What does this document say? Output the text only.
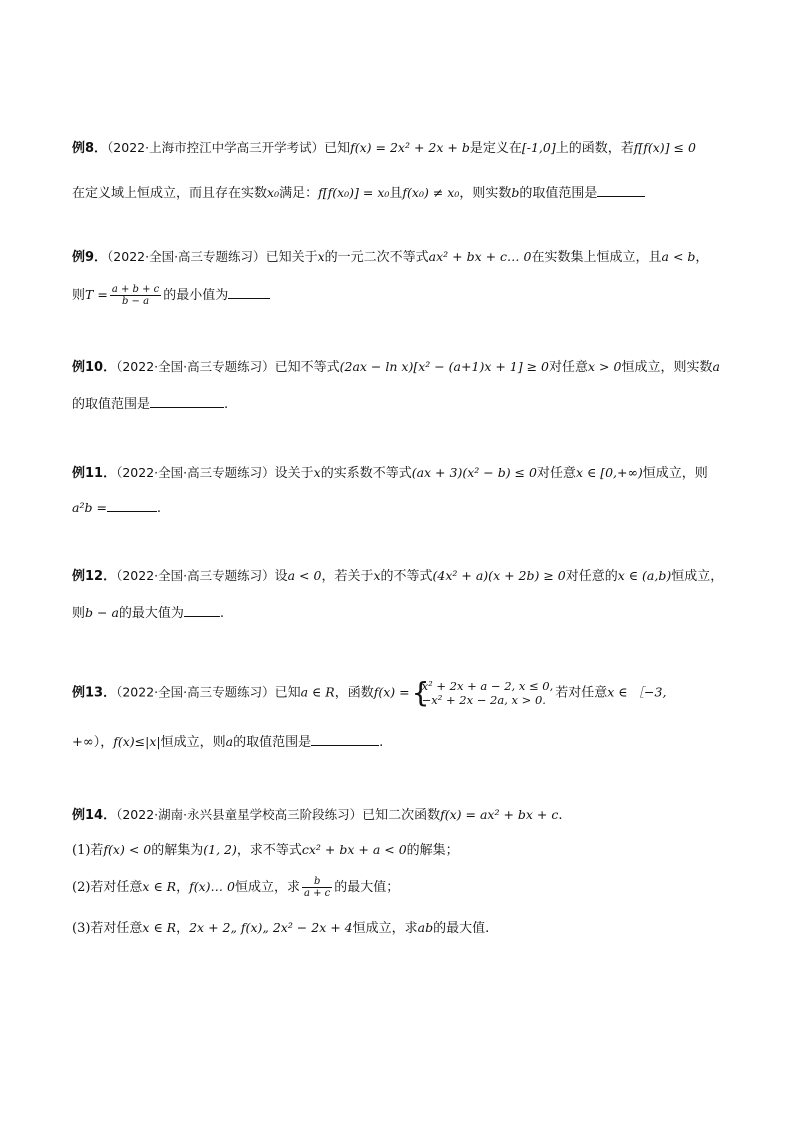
例8．（2022·上海市控江中学高三开学考试）已知f(x) = 2x² + 2x + b是定义在[-1,0]上的函数，若f[f(x)] ≤ 0
在定义域上恒成立，而且存在实数x₀满足：f[f(x₀)] = x₀且f(x₀) ≠ x₀，则实数b的取值范围是
例9．（2022·全国·高三专题练习）已知关于x的一元二次不等式ax² + bx + c… 0在实数集上恒成立，且a < b，
则$T = \frac{a + b + c}{b - a}$ 的最小值为
例10．（2022·全国·高三专题练习）已知不等式(2ax − ln x)[x² − (a+1)x + 1] ≥ 0对任意x > 0恒成立，则实数a
的取值范围是	.
例11．（2022·全国·高三专题练习）设关于x的实系数不等式(ax + 3)(x² − b) ≤ 0对任意x ∈ [0,+∞)恒成立，则
a²b =	.
例12．（2022·全国·高三专题练习）设a < 0，若关于x的不等式(4x² + a)(x + 2b) ≥ 0对任意的x ∈ (a,b)恒成立，
则b − a的最大值为	.
例13．（2022·全国·高三专题练习）已知a ∈ R，函数f(x) = {
x² + 2x + a − 2, x ≤ 0,
−x² + 2x − 2a, x > 0. 若对任意x ∈ ［−3,
+∞），f(x)≤|x|恒成立，则a的取值范围是	.
例14．（2022·湖南·永兴县童星学校高三阶段练习）已知二次函数f(x) = ax² + bx + c.
(1)若f(x) < 0的解集为(1, 2)，求不等式cx² + bx + a < 0的解集；
(2)若对任意x ∈ R，f(x)… 0恒成立，求 $\frac{b}{a + c}$ 的最大值；
(3)若对任意x ∈ R，2x + 2„ f(x)„ 2x² − 2x + 4恒成立，求ab的最大值.
